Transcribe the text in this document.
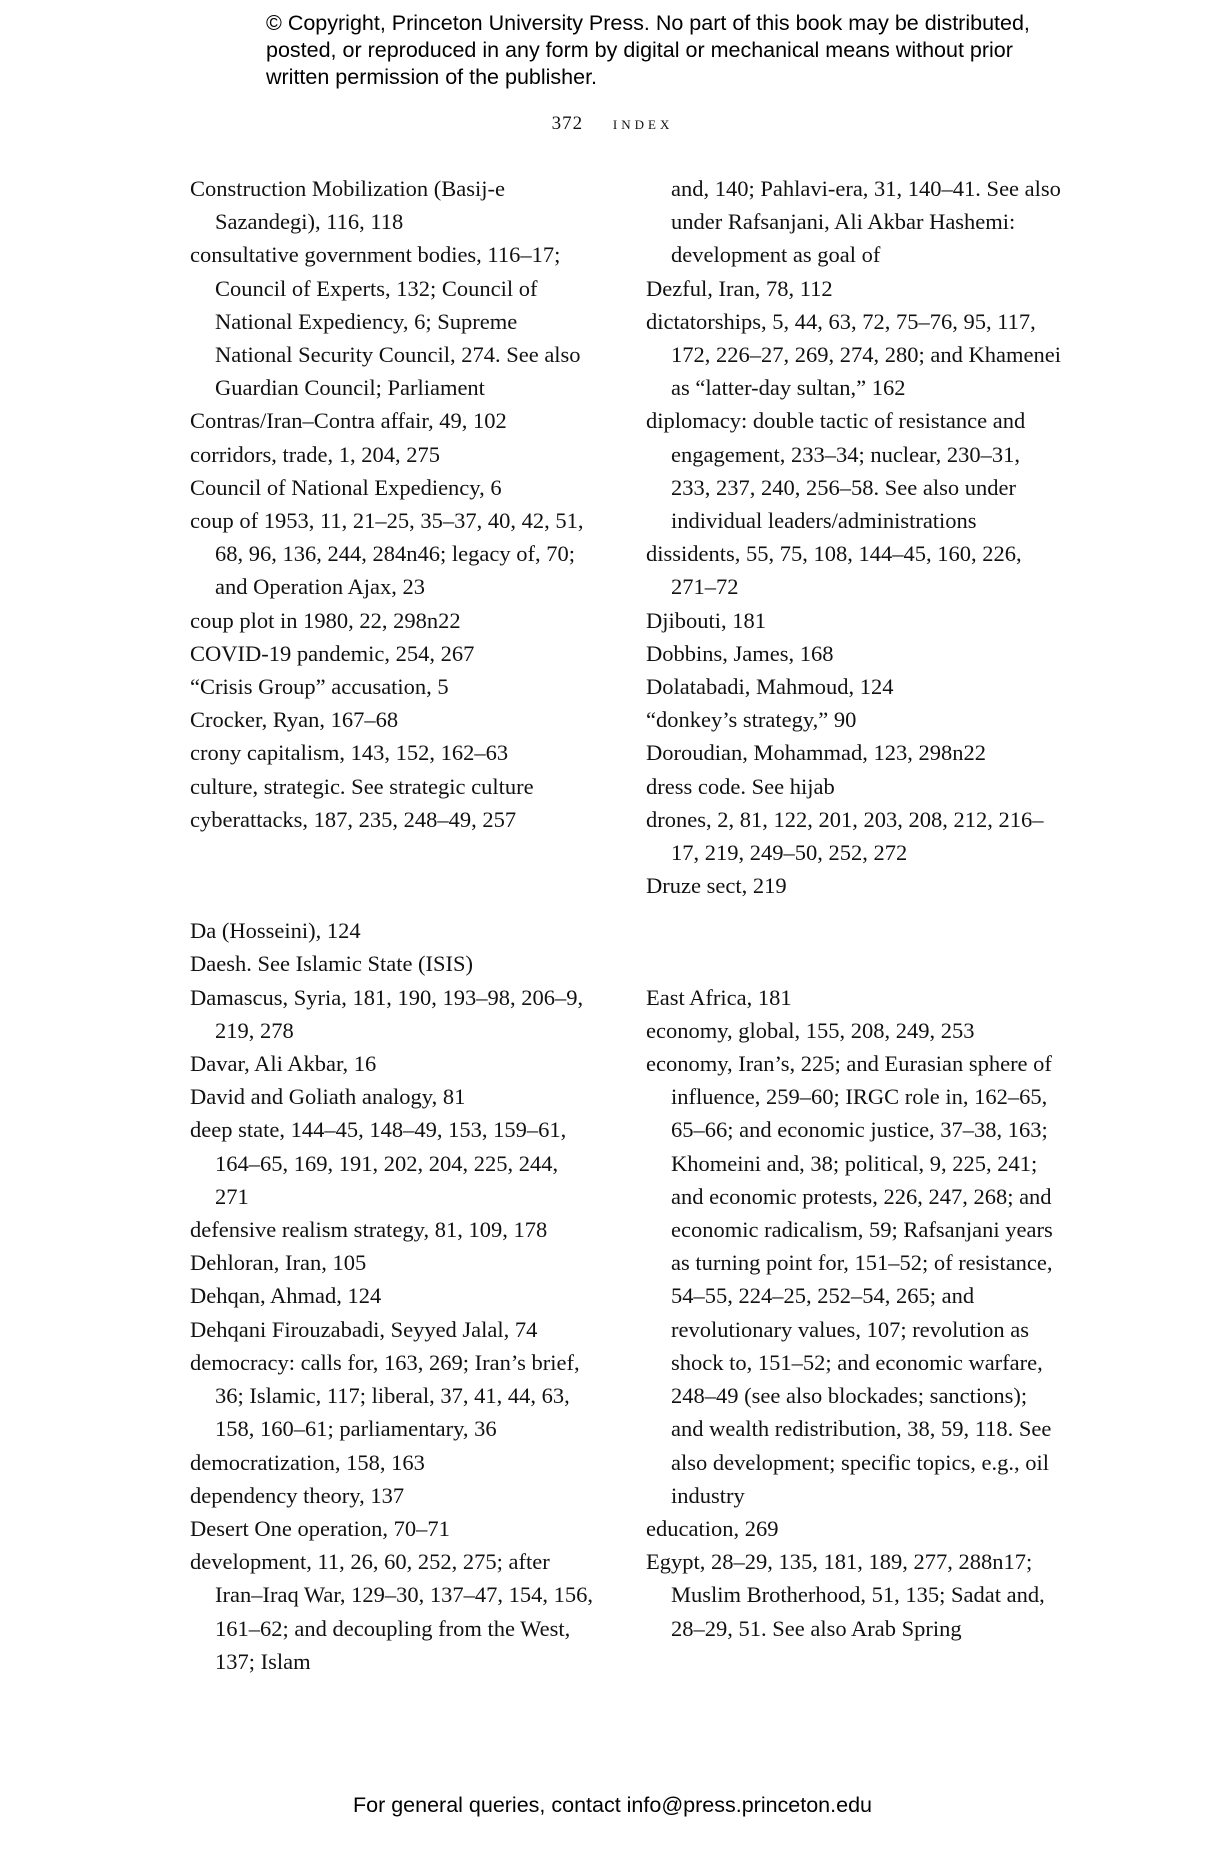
© Copyright, Princeton University Press. No part of this book may be distributed, posted, or reproduced in any form by digital or mechanical means without prior written permission of the publisher.
372 index

Construction Mobilization (Basij-e Sazandegi), 116, 118

consultative government bodies, 116–17; Council of Experts, 132; Council of National Expediency, 6; Supreme National Security Council, 274. See also Guardian Council; Parliament

Contras/Iran–Contra affair, 49, 102

corridors, trade, 1, 204, 275

Council of National Expediency, 6

coup of 1953, 11, 21–25, 35–37, 40, 42, 51, 68, 96, 136, 244, 284n46; legacy of, 70; and Operation Ajax, 23

coup plot in 1980, 22, 298n22

COVID-19 pandemic, 254, 267

“Crisis Group” accusation, 5

Crocker, Ryan, 167–68

crony capitalism, 143, 152, 162–63

culture, strategic. See strategic culture

cyberattacks, 187, 235, 248–49, 257

Da (Hosseini), 124

Daesh. See Islamic State (ISIS)

Damascus, Syria, 181, 190, 193–98, 206–9, 219, 278

Davar, Ali Akbar, 16

David and Goliath analogy, 81

deep state, 144–45, 148–49, 153, 159–61, 164–65, 169, 191, 202, 204, 225, 244, 271

defensive realism strategy, 81, 109, 178

Dehloran, Iran, 105

Dehqan, Ahmad, 124

Dehqani Firouzabadi, Seyyed Jalal, 74

democracy: calls for, 163, 269; Iran’s brief, 36; Islamic, 117; liberal, 37, 41, 44, 63, 158, 160–61; parliamentary, 36

democratization, 158, 163

dependency theory, 137

Desert One operation, 70–71

development, 11, 26, 60, 252, 275; after Iran–Iraq War, 129–30, 137–47, 154, 156, 161–62; and decoupling from the West, 137; Islam

and, 140; Pahlavi-era, 31, 140–41. See also under Rafsanjani, Ali Akbar Hashemi: development as goal of

Dezful, Iran, 78, 112

dictatorships, 5, 44, 63, 72, 75–76, 95, 117, 172, 226–27, 269, 274, 280; and Khamenei as “latter-day sultan,” 162

diplomacy: double tactic of resistance and engagement, 233–34; nuclear, 230–31, 233, 237, 240, 256–58. See also under individual leaders/administrations

dissidents, 55, 75, 108, 144–45, 160, 226, 271–72

Djibouti, 181

Dobbins, James, 168

Dolatabadi, Mahmoud, 124

“donkey’s strategy,” 90

Doroudian, Mohammad, 123, 298n22

dress code. See hijab

drones, 2, 81, 122, 201, 203, 208, 212, 216–17, 219, 249–50, 252, 272

Druze sect, 219

East Africa, 181

economy, global, 155, 208, 249, 253

economy, Iran’s, 225; and Eurasian sphere of influence, 259–60; IRGC role in, 162–65, 65–66; and economic justice, 37–38, 163; Khomeini and, 38; political, 9, 225, 241; and economic protests, 226, 247, 268; and economic radicalism, 59; Rafsanjani years as turning point for, 151–52; of resistance, 54–55, 224–25, 252–54, 265; and revolutionary values, 107; revolution as shock to, 151–52; and economic warfare, 248–49 (see also blockades; sanctions); and wealth redistribution, 38, 59, 118. See also development; specific topics, e.g., oil industry

education, 269

Egypt, 28–29, 135, 181, 189, 277, 288n17; Muslim Brotherhood, 51, 135; Sadat and, 28–29, 51. See also Arab Spring

For general queries, contact info@press.princeton.edu
